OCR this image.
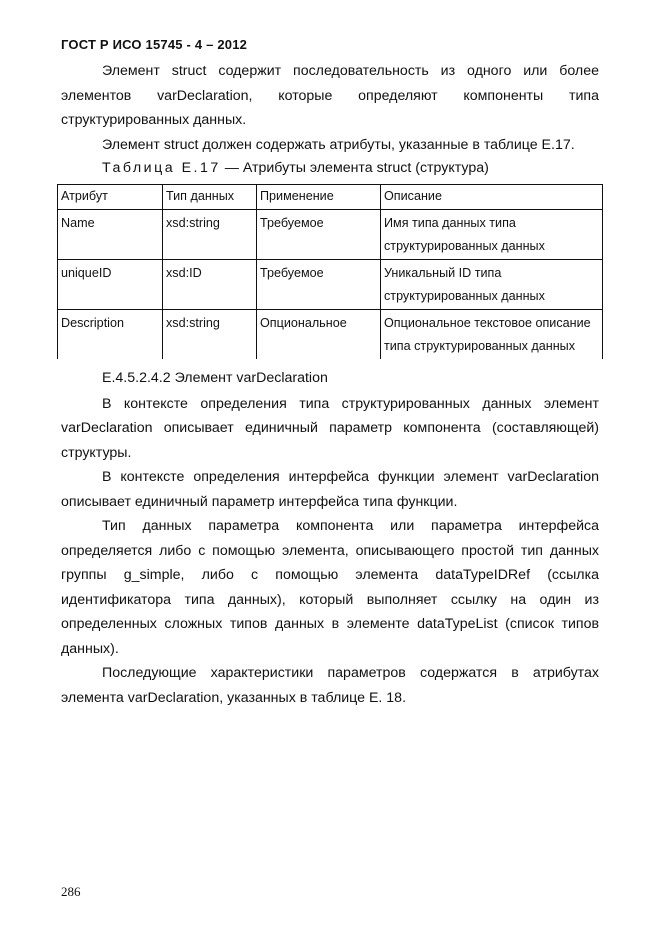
ГОСТ Р ИСО 15745 - 4 – 2012

Элемент struct содержит последовательность из одного или более

элементов varDeclaration, которые определяют компоненты типа

структурированных данных.

Элемент struct должен содержать атрибуты, указанные в таблице Е.17.

Таблица Е.17 — Атрибуты элемента struct (структура)
Атрибут	Тип данных	Применение	Описание
Name	xsd:string	Требуемое	Имя типа данных типа
структурированных данных

uniqueID	xsd:ID	Требуемое	Уникальный ID типа
структурированных данных

Description	xsd:string	Опциональное	Опциональное текстовое описание
типа структурированных данных

Е.4.5.2.4.2 Элемент varDeclaration

В контексте определения типа структурированных данных элемент varDeclaration описывает единичный параметр компонента (составляющей) структуры.

В контексте определения интерфейса функции элемент varDeclaration описывает единичный параметр интерфейса типа функции.

Тип данных параметра компонента или параметра интерфейса определяется либо с помощью элемента, описывающего простой тип данных группы g_simple, либо с помощью элемента dataTypeIDRef (ссылка идентификатора типа данных), который выполняет ссылку на один из определенных сложных типов данных в элементе dataTypeList (список типов данных).

Последующие характеристики параметров содержатся в атрибутах элемента varDeclaration, указанных в таблице Е. 18.

286
